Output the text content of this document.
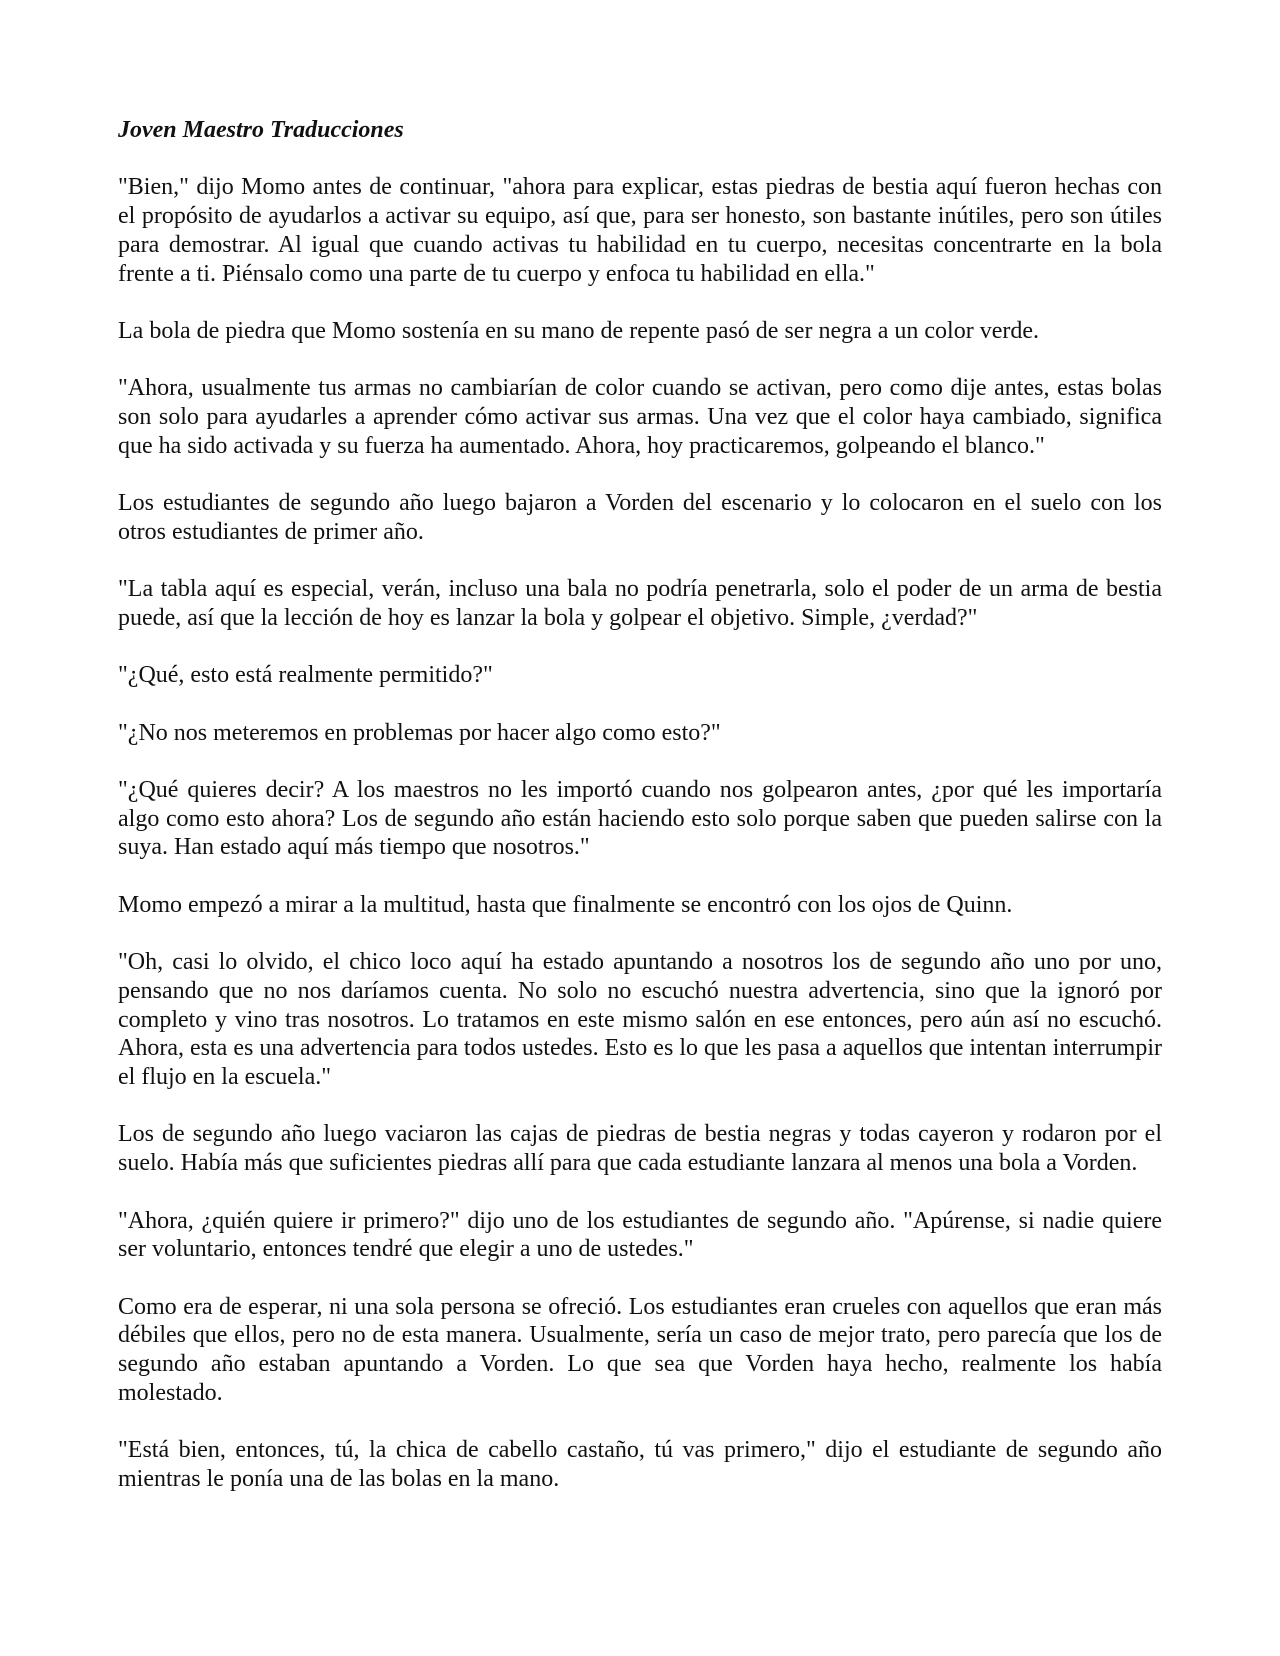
Joven Maestro Traducciones

"Bien," dijo Momo antes de continuar, "ahora para explicar, estas piedras de bestia aquí fueron hechas con el propósito de ayudarlos a activar su equipo, así que, para ser honesto, son bastante inútiles, pero son útiles para demostrar. Al igual que cuando activas tu habilidad en tu cuerpo, necesitas concentrarte en la bola frente a ti. Piénsalo como una parte de tu cuerpo y enfoca tu habilidad en ella."

La bola de piedra que Momo sostenía en su mano de repente pasó de ser negra a un color verde.

"Ahora, usualmente tus armas no cambiarían de color cuando se activan, pero como dije antes, estas bolas son solo para ayudarles a aprender cómo activar sus armas. Una vez que el color haya cambiado, significa que ha sido activada y su fuerza ha aumentado. Ahora, hoy practicaremos, golpeando el blanco."

Los estudiantes de segundo año luego bajaron a Vorden del escenario y lo colocaron en el suelo con los otros estudiantes de primer año.

"La tabla aquí es especial, verán, incluso una bala no podría penetrarla, solo el poder de un arma de bestia puede, así que la lección de hoy es lanzar la bola y golpear el objetivo. Simple, ¿verdad?"

"¿Qué, esto está realmente permitido?"

"¿No nos meteremos en problemas por hacer algo como esto?"

"¿Qué quieres decir? A los maestros no les importó cuando nos golpearon antes, ¿por qué les importaría algo como esto ahora? Los de segundo año están haciendo esto solo porque saben que pueden salirse con la suya. Han estado aquí más tiempo que nosotros."

Momo empezó a mirar a la multitud, hasta que finalmente se encontró con los ojos de Quinn.

"Oh, casi lo olvido, el chico loco aquí ha estado apuntando a nosotros los de segundo año uno por uno, pensando que no nos daríamos cuenta. No solo no escuchó nuestra advertencia, sino que la ignoró por completo y vino tras nosotros. Lo tratamos en este mismo salón en ese entonces, pero aún así no escuchó. Ahora, esta es una advertencia para todos ustedes. Esto es lo que les pasa a aquellos que intentan interrumpir el flujo en la escuela."

Los de segundo año luego vaciaron las cajas de piedras de bestia negras y todas cayeron y rodaron por el suelo. Había más que suficientes piedras allí para que cada estudiante lanzara al menos una bola a Vorden.

"Ahora, ¿quién quiere ir primero?" dijo uno de los estudiantes de segundo año. "Apúrense, si nadie quiere ser voluntario, entonces tendré que elegir a uno de ustedes."

Como era de esperar, ni una sola persona se ofreció. Los estudiantes eran crueles con aquellos que eran más débiles que ellos, pero no de esta manera. Usualmente, sería un caso de mejor trato, pero parecía que los de segundo año estaban apuntando a Vorden. Lo que sea que Vorden haya hecho, realmente los había molestado.

"Está bien, entonces, tú, la chica de cabello castaño, tú vas primero," dijo el estudiante de segundo año mientras le ponía una de las bolas en la mano.
